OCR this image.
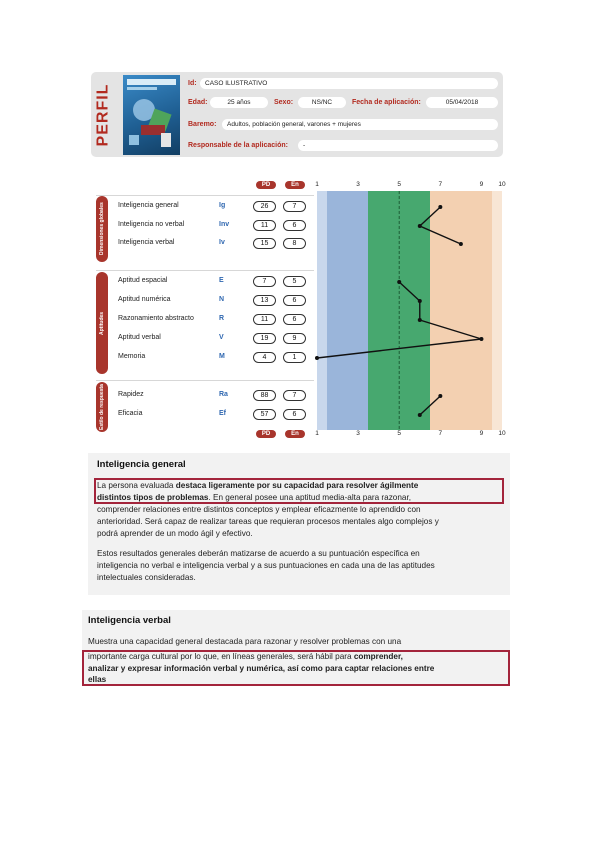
PERFIL
Id:	CASO ILUSTRATIVO
Edad:	25 años	Sexo:	NS/NC	Fecha de aplicación:	05/04/2018
Baremo:	Adultos, población general, varones + mujeres
Responsable de la aplicación:	-
1	3	5	7	9 10
PD	En
1	3	5	7	9 10
PD	En
Dimensiones globales	Inteligencia general	Ig	26	7
Inteligencia no verbal	Inv	11	6
Inteligencia verbal	Iv	15	8
Aptitudes
Aptitud espacial	E	7	5
Aptitud numérica	N	13	6
Razonamiento abstracto	R	11	6
Aptitud verbal	V	19	9
Memoria	M	4	1
Estilo de respuesta	Rapidez	Ra	88	7
Eficacia	Ef	57	6
Inteligencia general
La persona evaluada destaca ligeramente por su capacidad para resolver ágilmente
distintos tipos de problemas. En general posee una aptitud media-alta para razonar,
comprender relaciones entre distintos conceptos y emplear eficazmente lo aprendido con
anterioridad. Será capaz de realizar tareas que requieran procesos mentales algo complejos y
podrá aprender de un modo ágil y efectivo.
Estos resultados generales deberán matizarse de acuerdo a su puntuación específica en
inteligencia no verbal e inteligencia verbal y a sus puntuaciones en cada una de las aptitudes
intelectuales consideradas.
Inteligencia verbal
Muestra una capacidad general destacada para razonar y resolver problemas con una
importante carga cultural por lo que, en líneas generales, será hábil para comprender,
analizar y expresar información verbal y numérica, así como para captar relaciones entre
ellas
